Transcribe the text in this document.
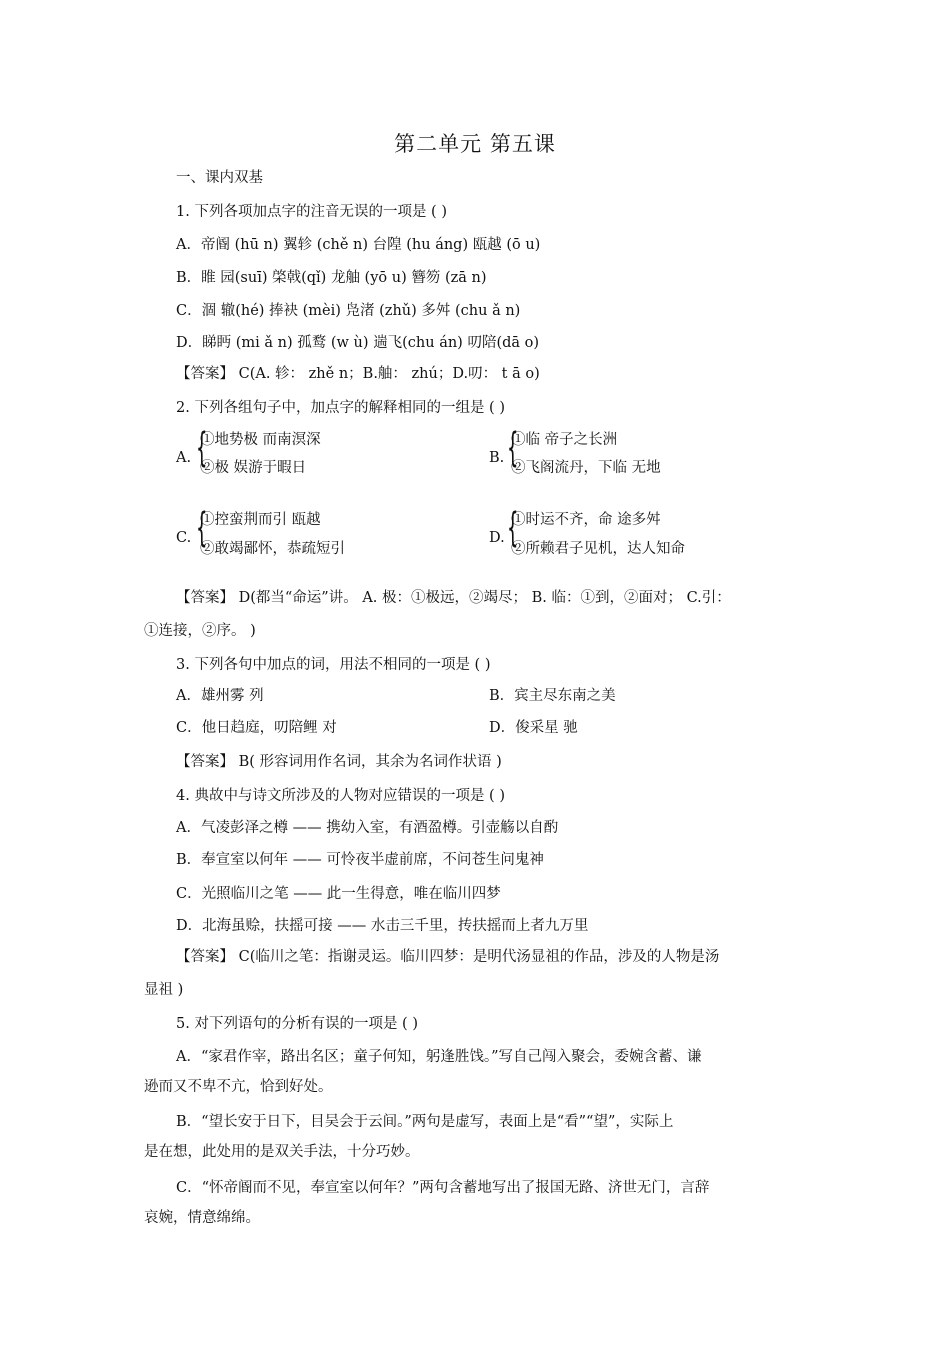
第二单元 第五课
一、课内双基
1. 下列各项加点字的注音无误的一项是 ( )
A．帝阍 (hū n) 翼轸 (chě n) 台隍 (hu áng) 瓯越 (ō u)
B．睢 园(suī) 棨戟(qǐ) 龙舳 (yō u) 簪笏 (zā n)
C．涸 辙(hé) 捧袂 (mèi) 凫渚 (zhǔ) 多舛 (chu ǎ n)
D．睇眄 (mi ǎ n) 孤鹜 (w ù) 遄飞(chu án) 叨陪(dā o)
【答案】 C(A. 轸： zhě n；B.舳： zhú；D.叨： t ā o)
2. 下列各组句子中，加点字的解释相同的一组是 ( )
A. {
①地势极 而南溟深
②极 娱游于暇日
B. {
①临 帝子之长洲
②飞阁流丹，下临 无地
C. {
①控蛮荆而引 瓯越
②敢竭鄙怀，恭疏短引
D. {
①时运不齐，命 途多舛
②所赖君子见机，达人知命
【答案】 D(都当“命运”讲。 A. 极：①极远，②竭尽； B. 临：①到，②面对； C.引：
①连接，②序。 )
3. 下列各句中加点的词，用法不相同的一项是 ( )
A．雄州雾 列	B．宾主尽东南之美
C．他日趋庭，叨陪鲤 对	D．俊采星 驰
【答案】 B( 形容词用作名词，其余为名词作状语 )
4. 典故中与诗文所涉及的人物对应错误的一项是 ( )
A．气凌彭泽之樽 —— 携幼入室，有酒盈樽。引壶觞以自酌
B．奉宣室以何年 —— 可怜夜半虚前席，不问苍生问鬼神
C．光照临川之笔 —— 此一生得意，唯在临川四梦
D．北海虽赊，扶摇可接 —— 水击三千里，抟扶摇而上者九万里
【答案】 C(临川之笔：指谢灵运。临川四梦：是明代汤显祖的作品，涉及的人物是汤
显祖 )
5. 对下列语句的分析有误的一项是 ( )
A．“家君作宰，路出名区；童子何知，躬逢胜饯。”写自己闯入聚会，委婉含蓄、谦
逊而又不卑不亢，恰到好处。
B．“望长安于日下，目吴会于云间。”两句是虚写，表面上是“看”“望”，实际上
是在想，此处用的是双关手法，十分巧妙。
C．“怀帝阍而不见，奉宣室以何年？”两句含蓄地写出了报国无路、济世无门，言辞
哀婉，情意绵绵。
